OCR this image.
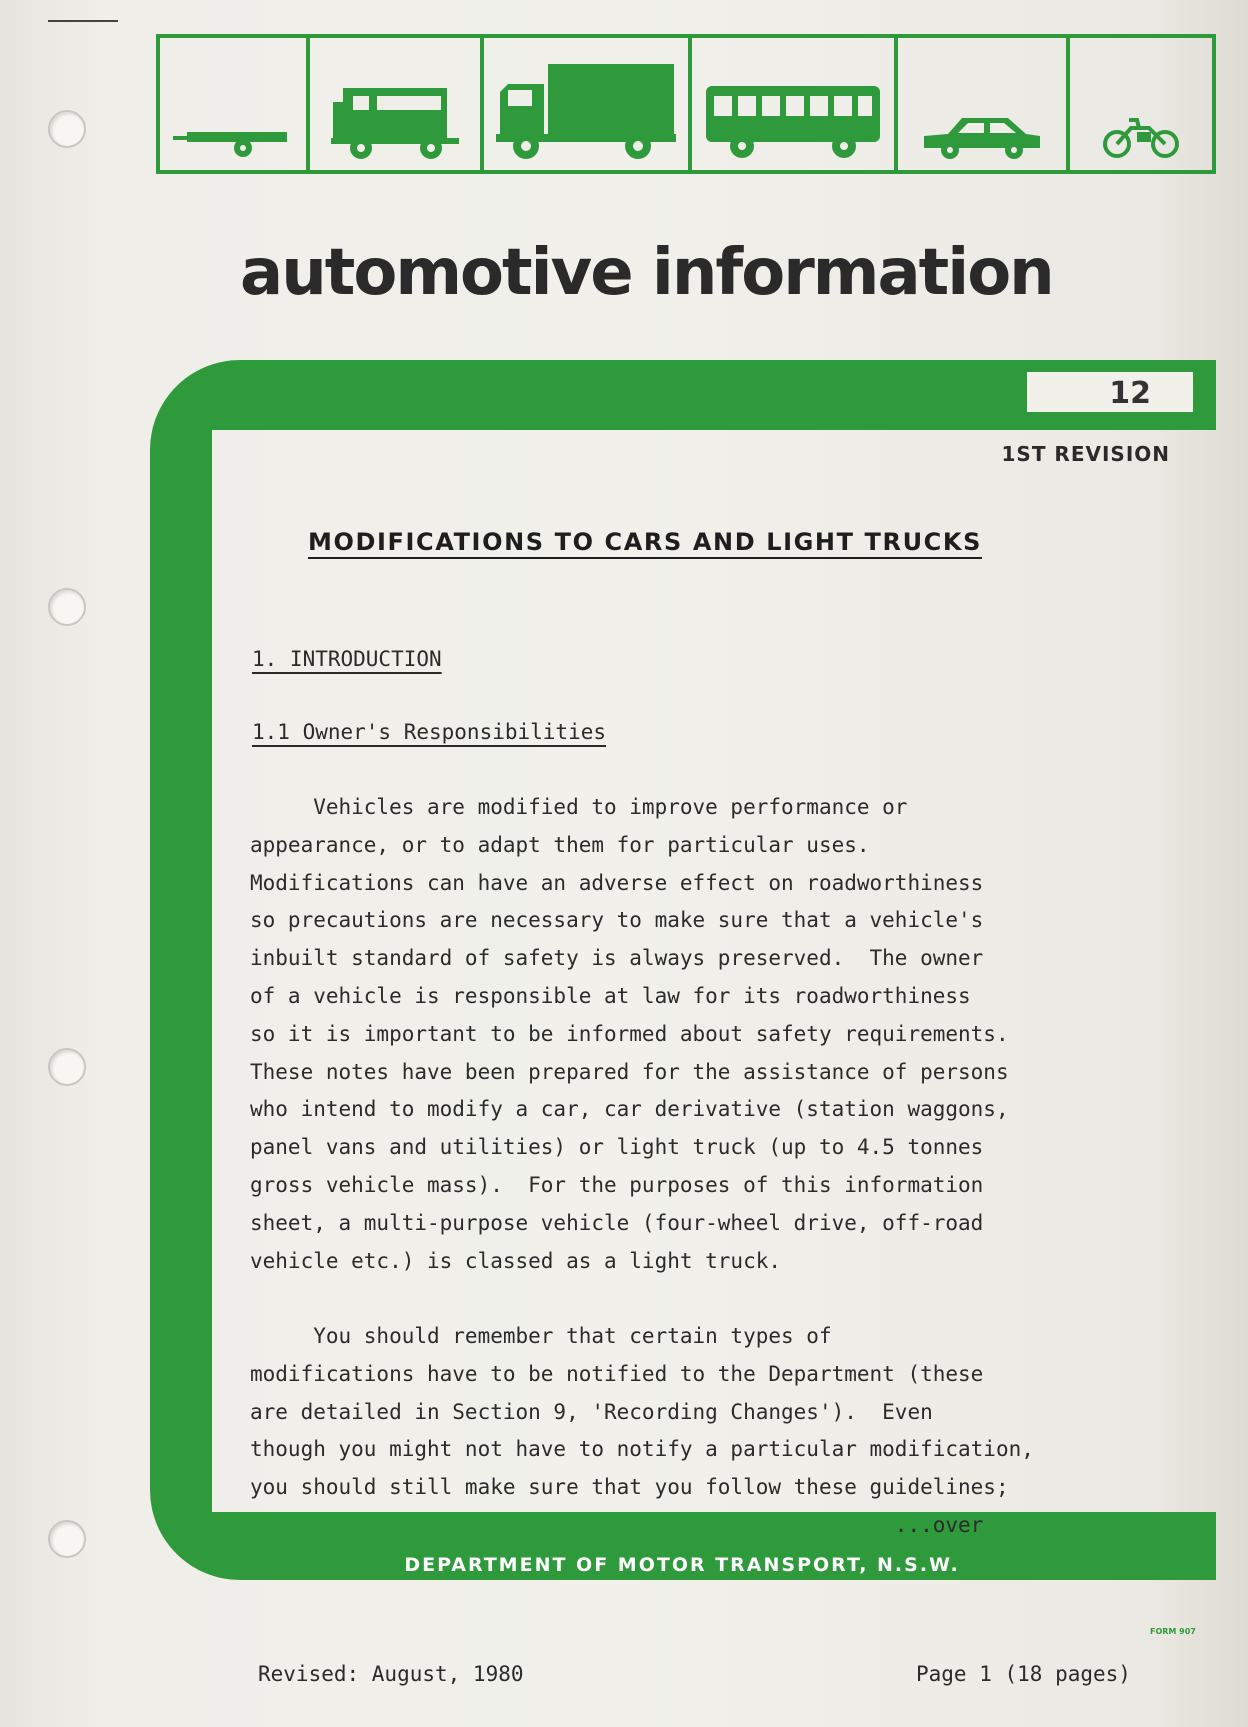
automotive information
12
1ST REVISION
MODIFICATIONS TO CARS AND LIGHT TRUCKS
1. INTRODUCTION
1.1 Owner's Responsibilities
Vehicles are modified to improve performance or
appearance, or to adapt them for particular uses.
Modifications can have an adverse effect on roadworthiness
so precautions are necessary to make sure that a vehicle's
inbuilt standard of safety is always preserved.  The owner
of a vehicle is responsible at law for its roadworthiness
so it is important to be informed about safety requirements.
These notes have been prepared for the assistance of persons
who intend to modify a car, car derivative (station waggons,
panel vans and utilities) or light truck (up to 4.5 tonnes
gross vehicle mass).  For the purposes of this information
sheet, a multi-purpose vehicle (four-wheel drive, off-road
vehicle etc.) is classed as a light truck.
You should remember that certain types of
modifications have to be notified to the Department (these
are detailed in Section 9, 'Recording Changes').  Even
though you might not have to notify a particular modification,
you should still make sure that you follow these guidelines;
...over
DEPARTMENT OF MOTOR TRANSPORT, N.S.W.
FORM 907
Revised: August, 1980	Page 1 (18 pages)
